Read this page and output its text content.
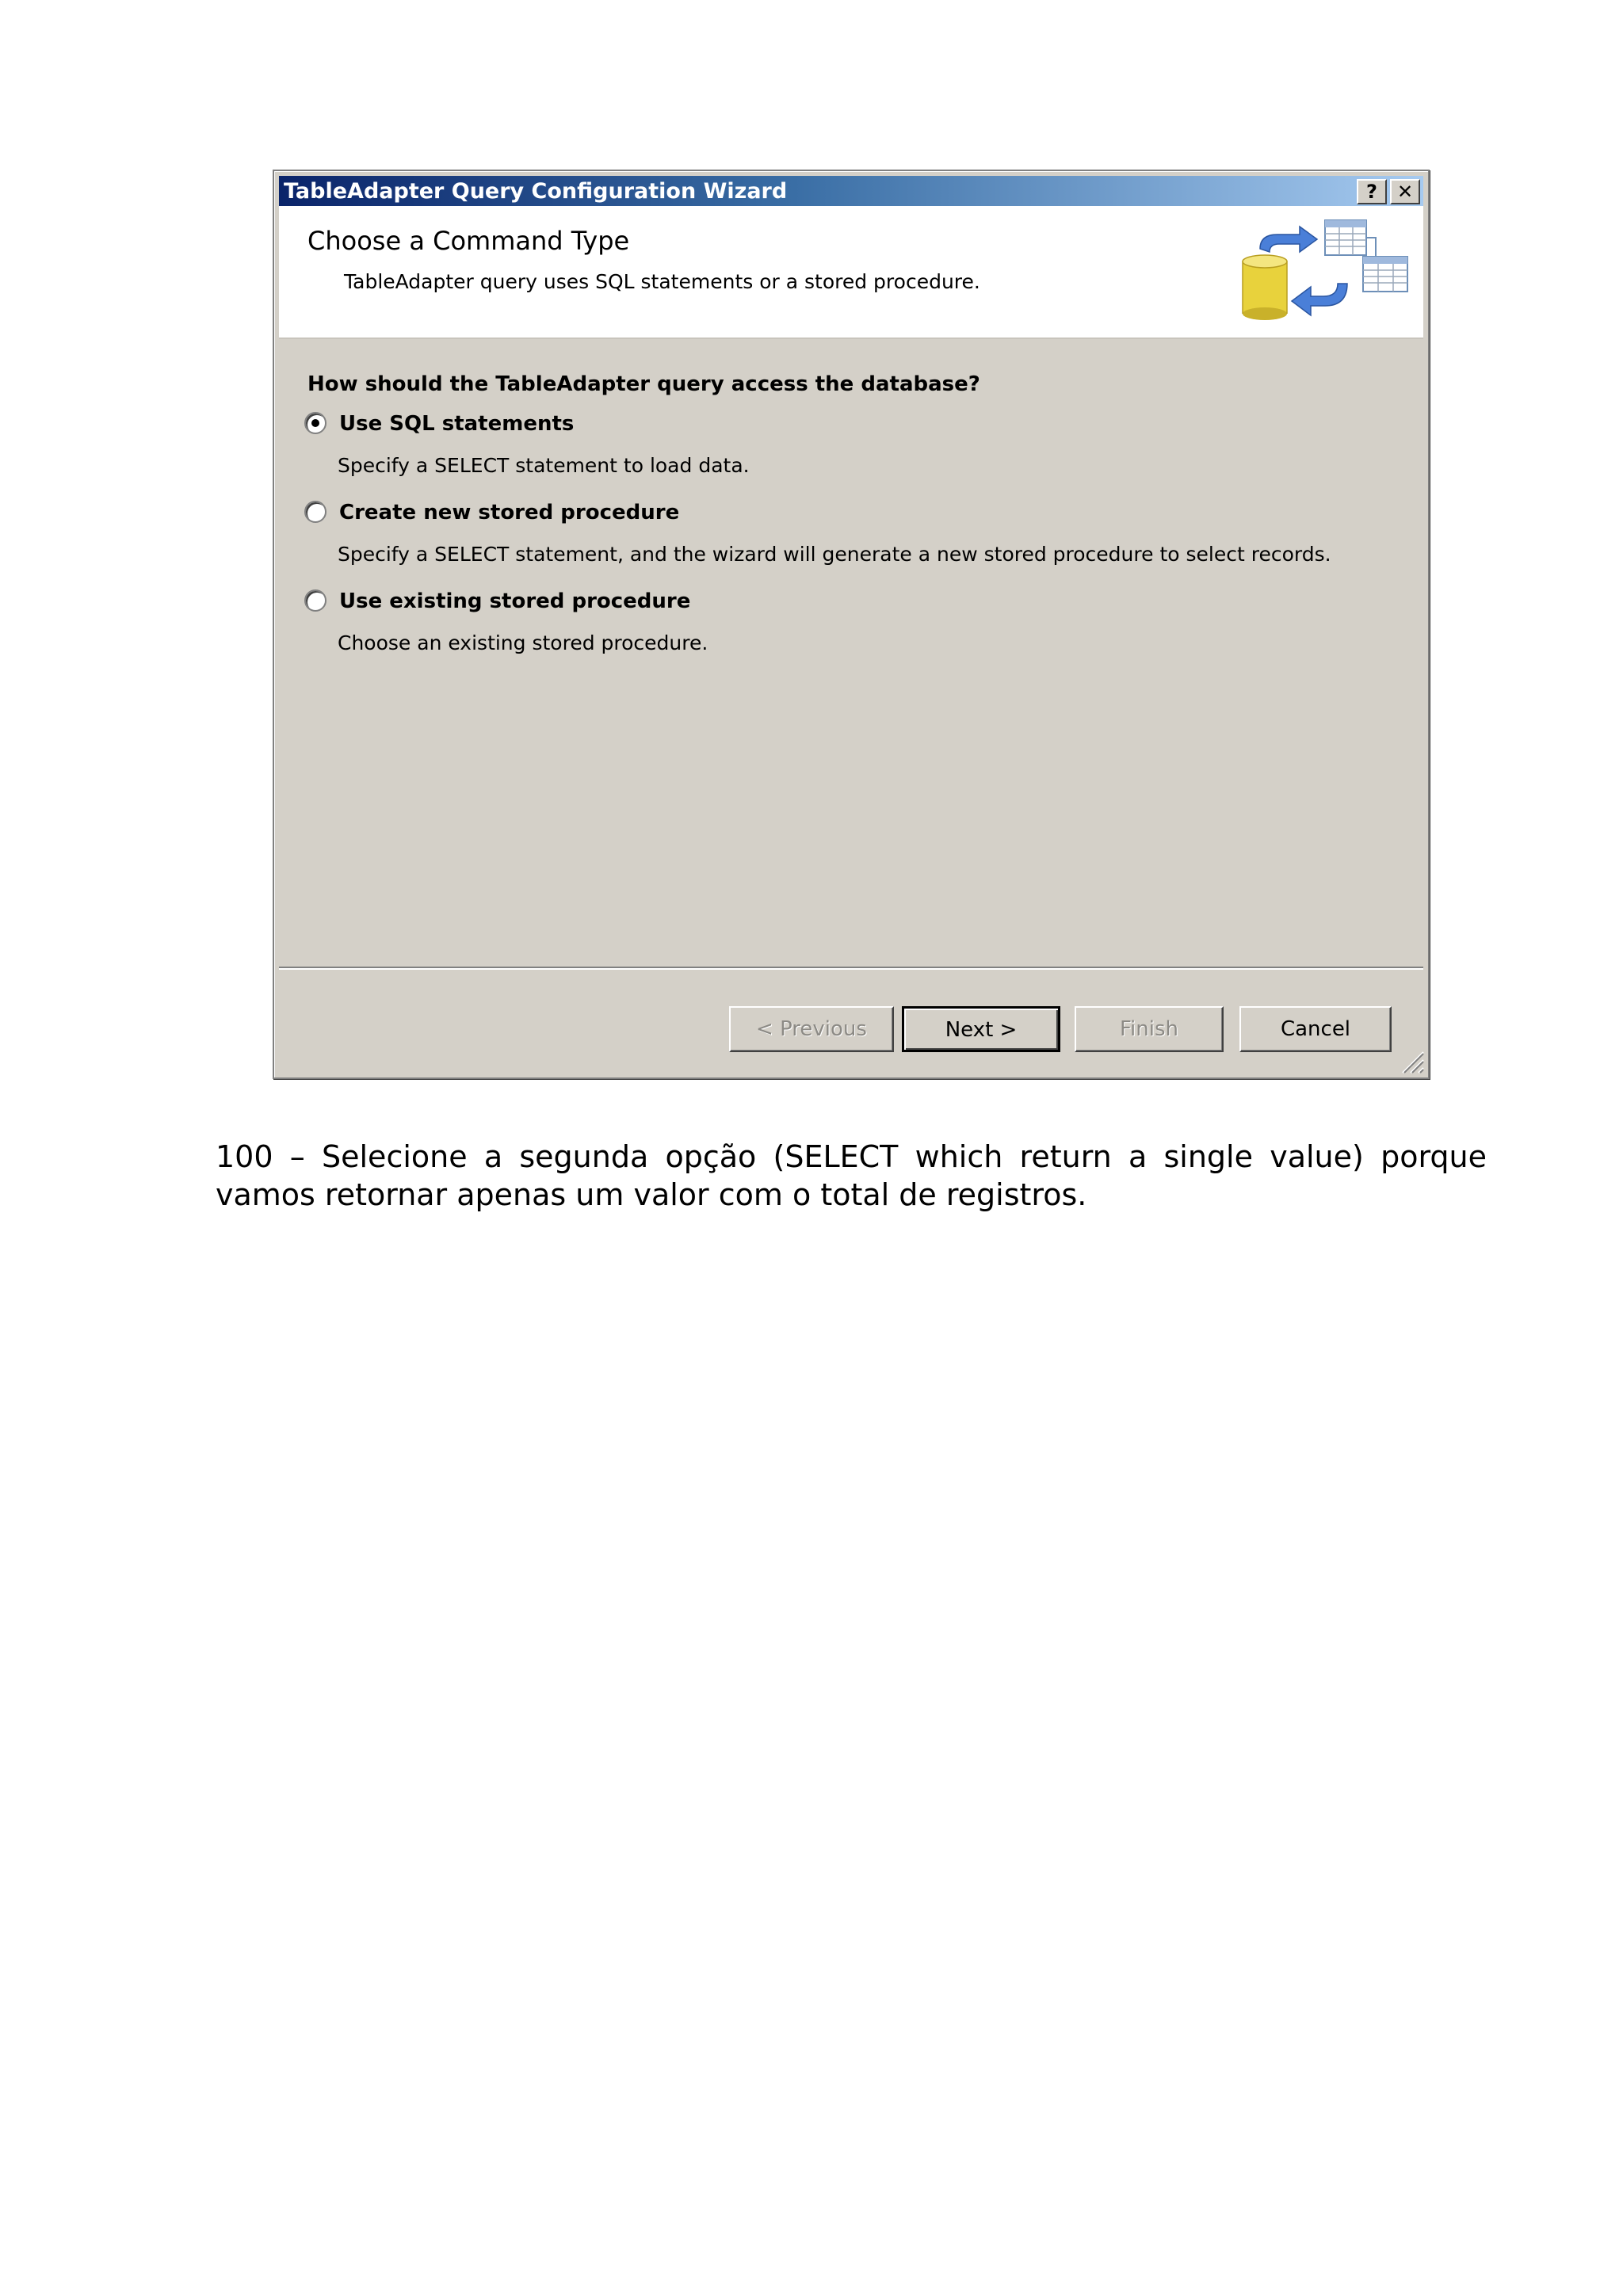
TableAdapter Query Configuration Wizard	?	✕
Choose a Command Type
TableAdapter query uses SQL statements or a stored procedure.
How should the TableAdapter query access the database?
Use SQL statements
Specify a SELECT statement to load data.
Create new stored procedure
Specify a SELECT statement, and the wizard will generate a new stored procedure to select records.
Use existing stored procedure
Choose an existing stored procedure.
< Previous	Next >	Finish	Cancel

100 – Selecione a segunda opção (SELECT which return a single value) porque vamos retornar apenas um valor com o total de registros.
